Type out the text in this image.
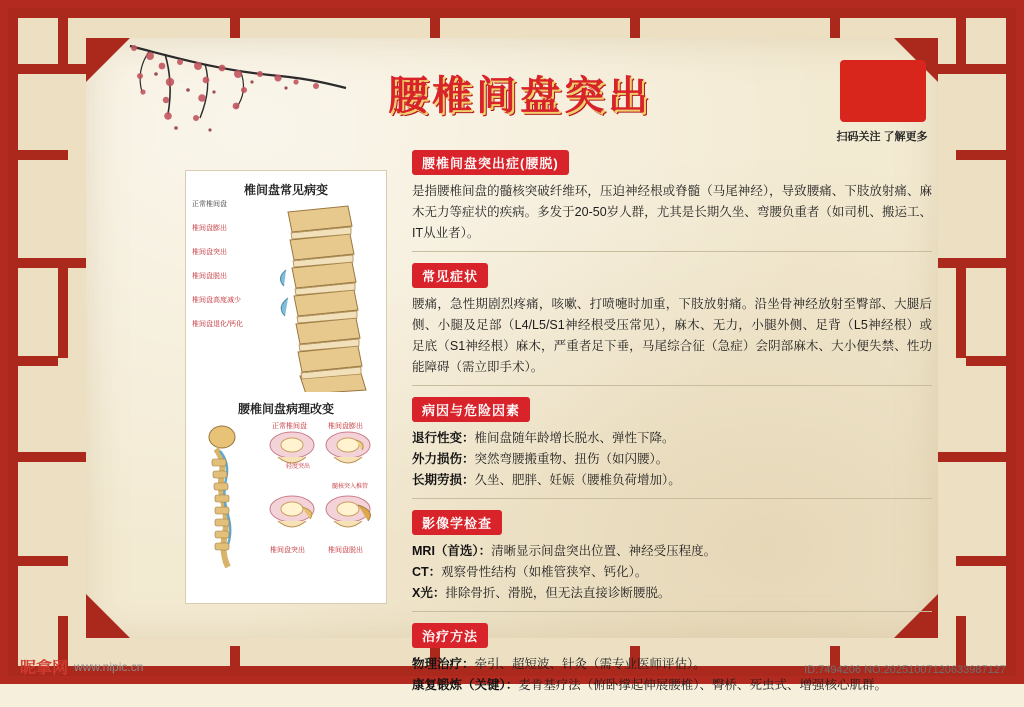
腰椎间盘突出
扫码关注 了解更多
椎间盘常见病变
正常椎间盘
椎间盘膨出
椎间盘突出
椎间盘脱出
椎间盘高度减少
椎间盘退化/钙化
腰椎间盘病理改变
正常椎间盘	椎间盘膨出
轻度突出
髓核突入椎管
椎间盘突出	椎间盘脱出
腰椎间盘突出症(腰脱)
是指腰椎间盘的髓核突破纤维环，压迫神经根或脊髓（马尾神经），导致腰痛、下肢放射痛、麻木无力等症状的疾病。多发于20-50岁人群，尤其是长期久坐、弯腰负重者（如司机、搬运工、IT从业者）。
常见症状
腰痛，急性期剧烈疼痛，咳嗽、打喷嚏时加重，下肢放射痛。沿坐骨神经放射至臀部、大腿后侧、小腿及足部（L4/L5/S1神经根受压常见），麻木、无力，小腿外侧、足背（L5神经根）或足底（S1神经根）麻木，严重者足下垂，马尾综合征（急症）会阴部麻木、大小便失禁、性功能障碍（需立即手术）。
病因与危险因素
退行性变：椎间盘随年龄增长脱水、弹性下降。
外力损伤：突然弯腰搬重物、扭伤（如闪腰）。
长期劳损：久坐、肥胖、妊娠（腰椎负荷增加）。
影像学检查
MRI（首选）：清晰显示间盘突出位置、神经受压程度。
CT：观察骨性结构（如椎管狭窄、钙化）。
X光：排除骨折、滑脱，但无法直接诊断腰脱。
治疗方法
物理治疗：牵引、超短波、针灸（需专业医师评估）。
康复锻炼（关键）：麦肯基疗法（俯卧撑起伸展腰椎）、臀桥、死虫式、增强核心肌群。
昵拿网 www.nipic.cn	ID:7494206 NO:20251007120633987127
